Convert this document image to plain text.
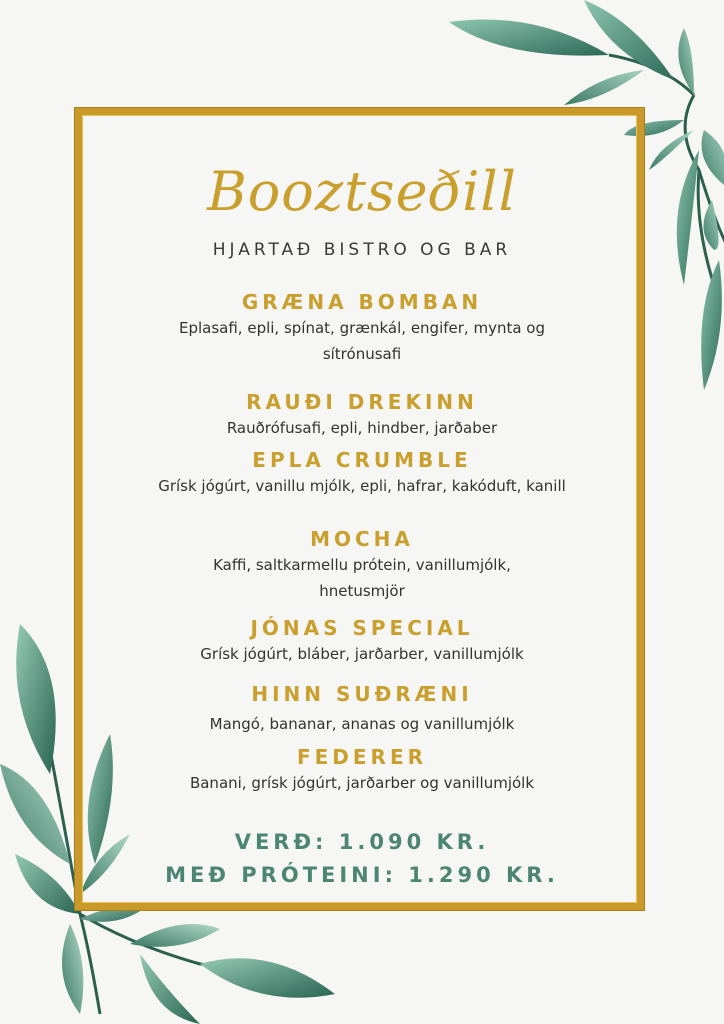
Booztseðill
HJARTAÐ BISTRO OG BAR
GRÆNA BOMBAN
Eplasafi, epli, spínat, grænkál, engifer, mynta og sítrónusafi
RAUÐI DREKINN
Rauðrófusafi, epli, hindber, jarðaber
EPLA CRUMBLE
Grísk jógúrt, vanillu mjólk, epli, hafrar, kakóduft, kanill
MOCHA
Kaffi, saltkarmellu prótein, vanillumjólk, hnetusmjör
JÓNAS SPECIAL
Grísk jógúrt, bláber, jarðarber, vanillumjólk
HINN SUÐRÆNI
Mangó, bananar, ananas og vanillumjólk
FEDERER
Banani, grísk jógúrt, jarðarber og vanillumjólk
VERÐ: 1.090 KR.
MEÐ PRÓTEINI: 1.290 KR.
